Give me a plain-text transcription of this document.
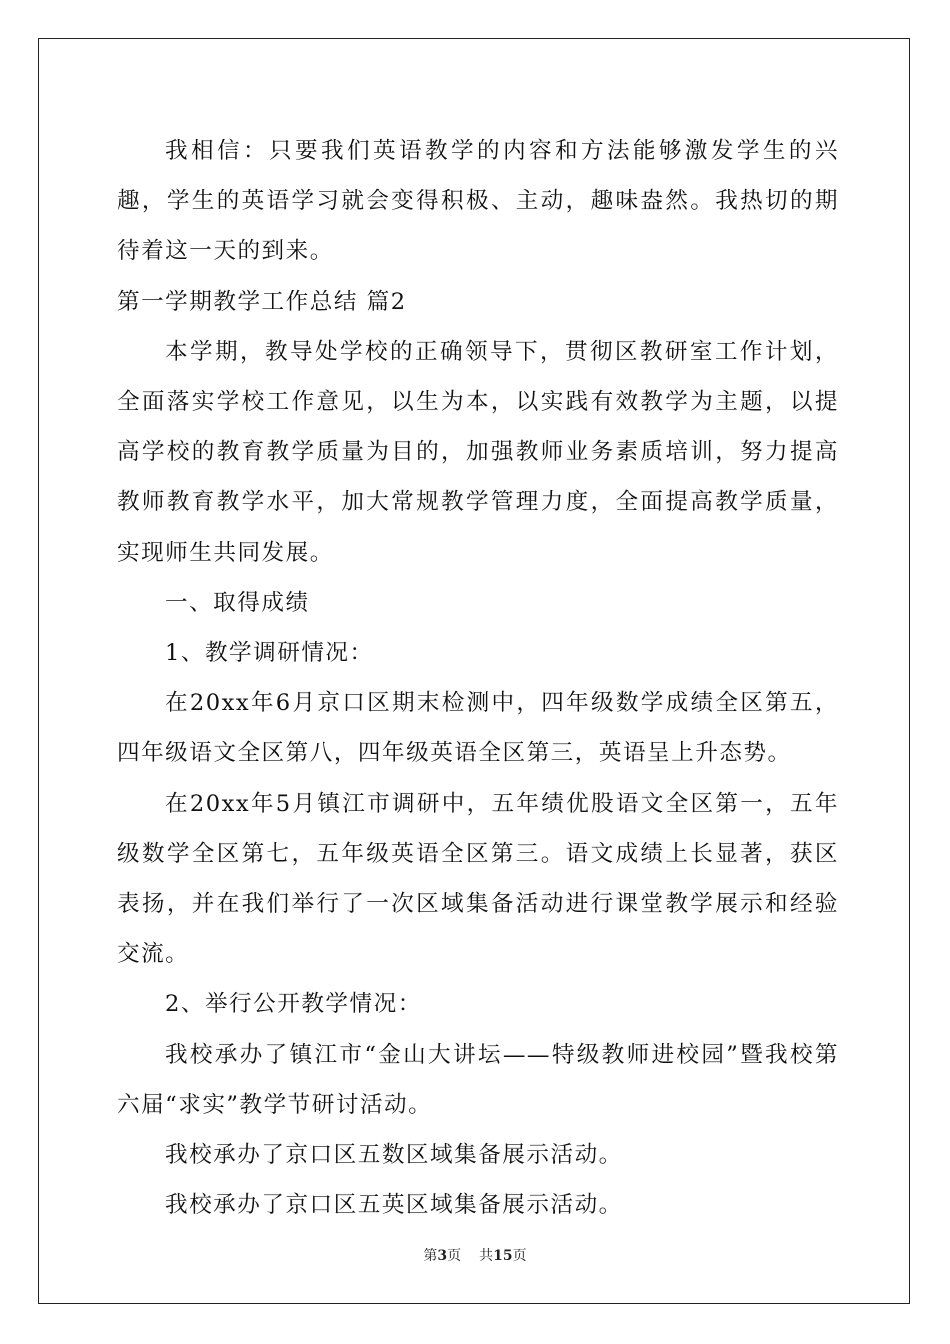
我相信：只要我们英语教学的内容和方法能够激发学生的兴趣，学生的英语学习就会变得积极、主动，趣味盎然。我热切的期待着这一天的到来。

第一学期教学工作总结 篇2

本学期，教导处学校的正确领导下，贯彻区教研室工作计划，全面落实学校工作意见，以生为本，以实践有效教学为主题，以提高学校的教育教学质量为目的，加强教师业务素质培训，努力提高教师教育教学水平，加大常规教学管理力度，全面提高教学质量，实现师生共同发展。

一、取得成绩

1、教学调研情况：

在20xx年6月京口区期末检测中，四年级数学成绩全区第五，四年级语文全区第八，四年级英语全区第三，英语呈上升态势。

在20xx年5月镇江市调研中，五年绩优股语文全区第一，五年级数学全区第七，五年级英语全区第三。语文成绩上长显著，获区表扬，并在我们举行了一次区域集备活动进行课堂教学展示和经验交流。

2、举行公开教学情况：

我校承办了镇江市“金山大讲坛——特级教师进校园”暨我校第六届“求实”教学节研讨活动。

我校承办了京口区五数区域集备展示活动。

我校承办了京口区五英区域集备展示活动。

第3页 共15页
